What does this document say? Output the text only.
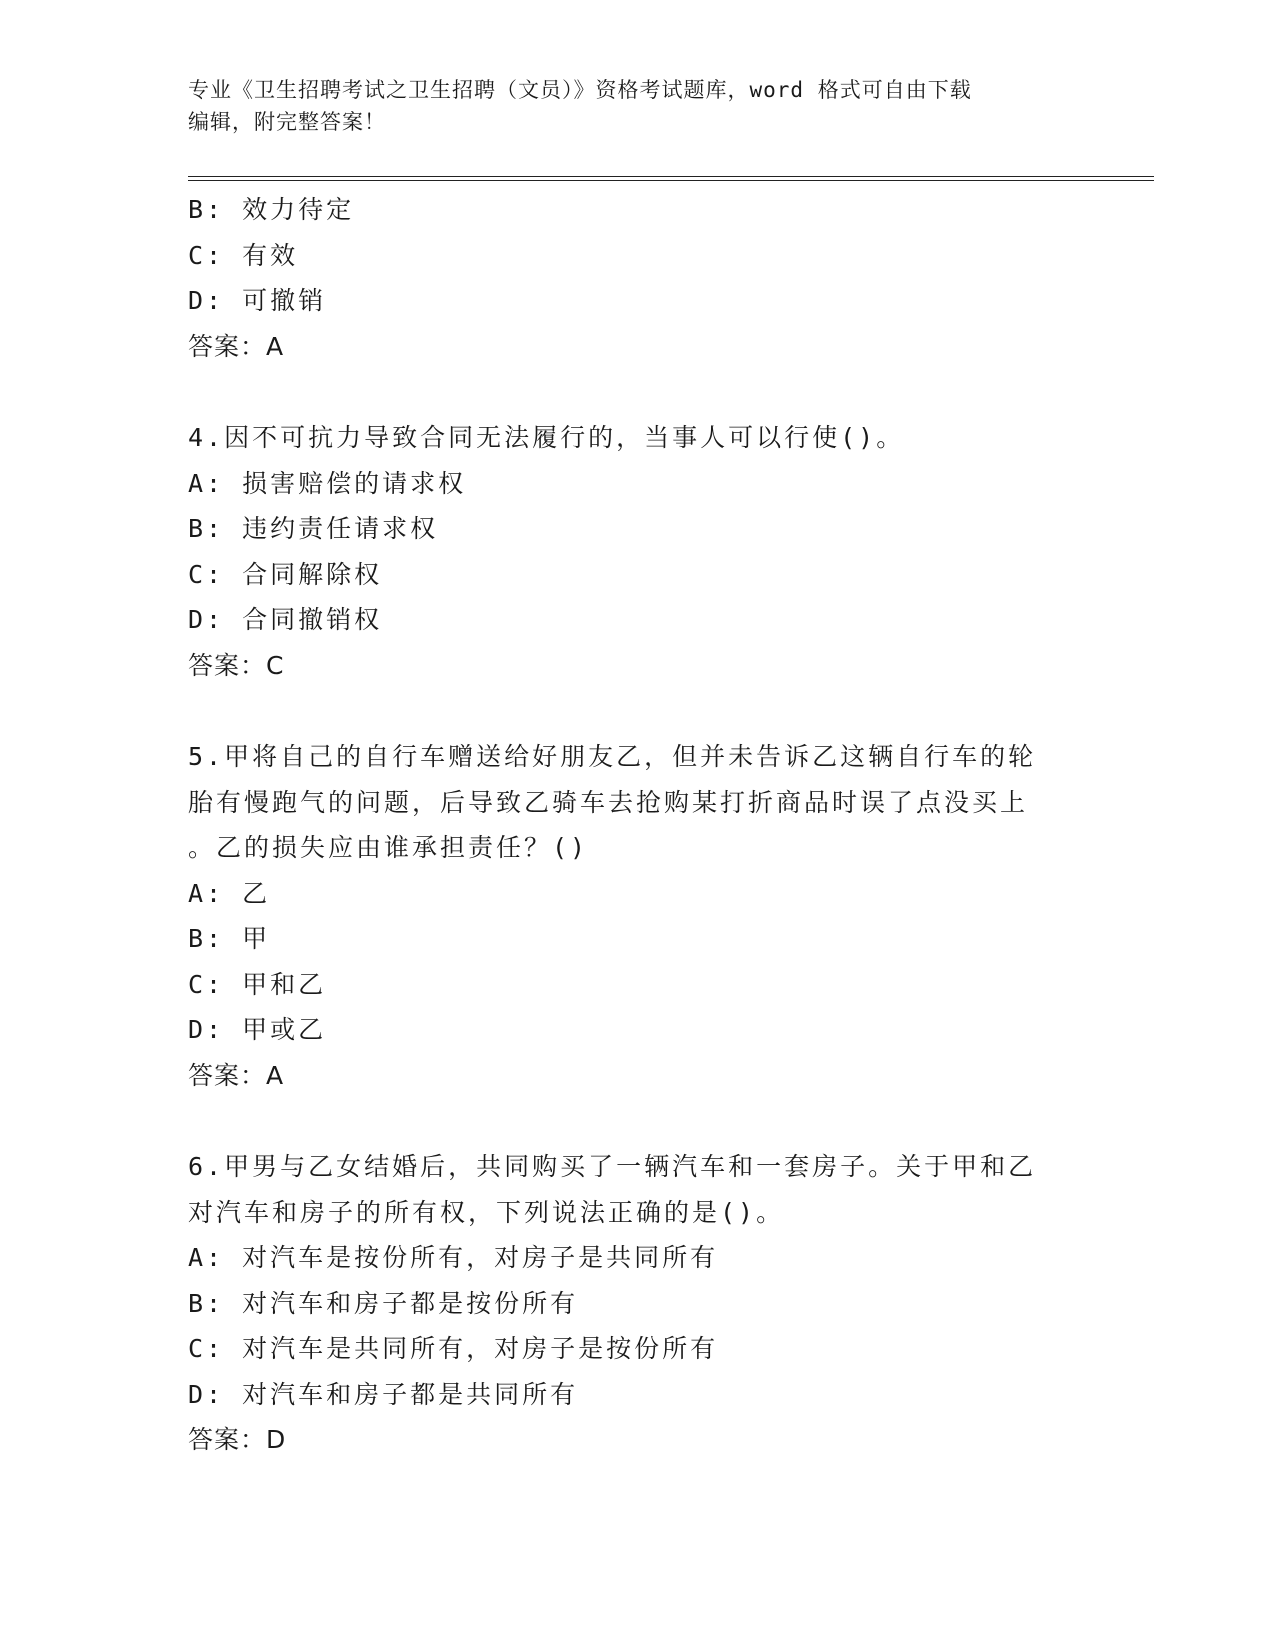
专业《卫生招聘考试之卫生招聘（文员）》资格考试题库，word 格式可自由下载
编辑，附完整答案！
B: 效力待定
C: 有效
D: 可撤销
答案：A
4.因不可抗力导致合同无法履行的，当事人可以行使()。
A: 损害赔偿的请求权
B: 违约责任请求权
C: 合同解除权
D: 合同撤销权
答案：C
5.甲将自己的自行车赠送给好朋友乙，但并未告诉乙这辆自行车的轮
胎有慢跑气的问题，后导致乙骑车去抢购某打折商品时误了点没买上
。乙的损失应由谁承担责任？()
A: 乙
B: 甲
C: 甲和乙
D: 甲或乙
答案：A
6.甲男与乙女结婚后，共同购买了一辆汽车和一套房子。关于甲和乙
对汽车和房子的所有权，下列说法正确的是()。
A: 对汽车是按份所有，对房子是共同所有
B: 对汽车和房子都是按份所有
C: 对汽车是共同所有，对房子是按份所有
D: 对汽车和房子都是共同所有
答案：D
